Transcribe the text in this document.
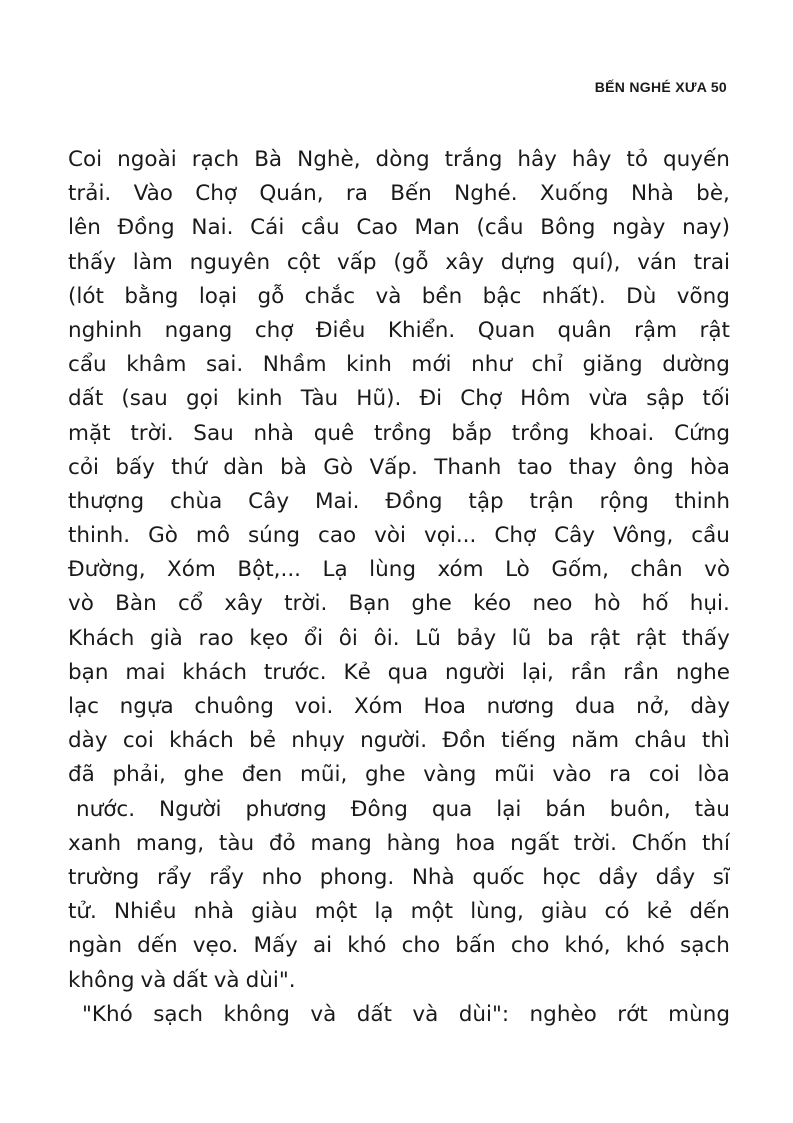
BẾN NGHÉ XƯA 50
Coi ngoài rạch Bà Nghè, dòng trắng hây hây tỏ quyến
trải. Vào Chợ Quán, ra Bến Nghé. Xuống Nhà bè,
lên Đồng Nai. Cái cầu Cao Man (cầu Bông ngày nay)
thấy làm nguyên cột vấp (gỗ xây dựng quí), ván trai
(lót bằng loại gỗ chắc và bền bậc nhất). Dù võng
nghinh ngang chợ Điều Khiển. Quan quân rậm rật
cẩu khâm sai. Nhầm kinh mới như chỉ giăng dường
dất (sau gọi kinh Tàu Hũ). Đi Chợ Hôm vừa sập tối
mặt trời. Sau nhà quê trồng bắp trồng khoai. Cứng
cỏi bấy thứ dàn bà Gò Vấp. Thanh tao thay ông hòa
thượng chùa Cây Mai. Đồng tập trận rộng thinh
thinh. Gò mô súng cao vòi vọi... Chợ Cây Vông, cầu
Đường, Xóm Bột,... Lạ lùng xóm Lò Gốm, chân vò
vò Bàn cổ xây trời. Bạn ghe kéo neo hò hố hụi.
Khách già rao kẹo ổi ôi ôi. Lũ bảy lũ ba rật rật thấy
bạn mai khách trước. Kẻ qua người lại, rần rần nghe
lạc ngựa chuông voi. Xóm Hoa nương dua nở, dày
dày coi khách bẻ nhụy người. Đồn tiếng năm châu thì
đã phải, ghe đen mũi, ghe vàng mũi vào ra coi lòa
nước. Người phương Đông qua lại bán buôn, tàu
xanh mang, tàu đỏ mang hàng hoa ngất trời. Chốn thí
trường rẩy rẩy nho phong. Nhà quốc học dầy dầy sĩ
tử. Nhiều nhà giàu một lạ một lùng, giàu có kẻ dến
ngàn dến vẹo. Mấy ai khó cho bấn cho khó, khó sạch
không và dất và dùi".
"Khó sạch không và dất và dùi": nghèo rớt mùng
